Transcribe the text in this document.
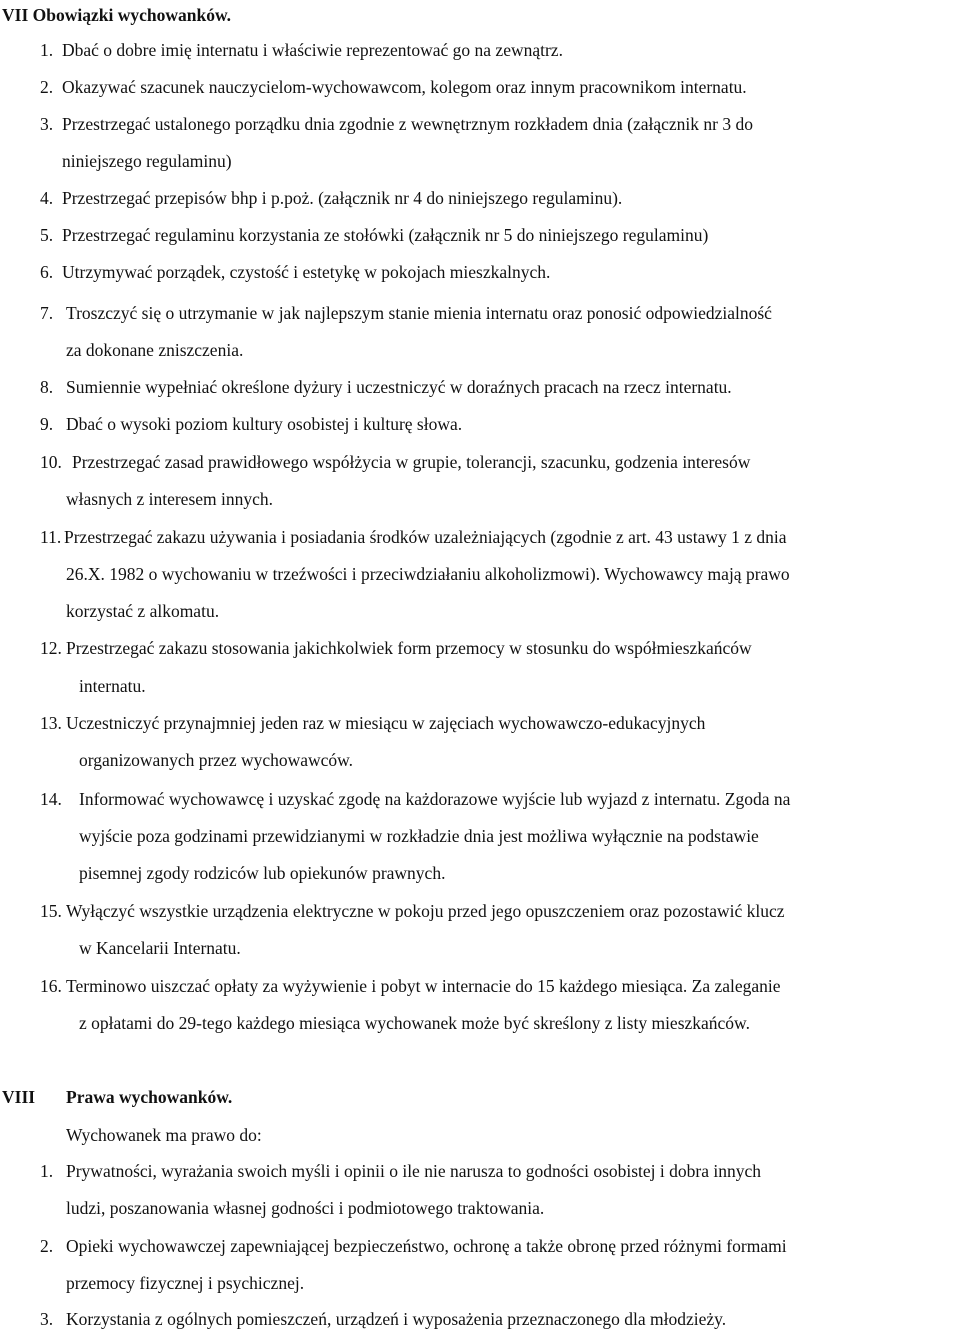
VII Obowiązki wychowanków.
1. Dbać o dobre imię internatu i właściwie reprezentować go na zewnątrz.
2. Okazywać szacunek nauczycielom-wychowawcom, kolegom oraz innym pracownikom internatu.
3. Przestrzegać ustalonego porządku dnia zgodnie z wewnętrznym rozkładem dnia (załącznik nr 3 do
niniejszego regulaminu)
4. Przestrzegać przepisów bhp i p.poż. (załącznik nr 4 do niniejszego regulaminu).
5. Przestrzegać regulaminu korzystania ze stołówki (załącznik nr 5 do niniejszego regulaminu)
6. Utrzymywać porządek, czystość i estetykę w pokojach mieszkalnych.
7. Troszczyć się o utrzymanie w jak najlepszym stanie mienia internatu oraz ponosić odpowiedzialność
za dokonane zniszczenia.
8. Sumiennie wypełniać określone dyżury i uczestniczyć w doraźnych pracach na rzecz internatu.
9. Dbać o wysoki poziom kultury osobistej i kulturę słowa.
10. Przestrzegać zasad prawidłowego współżycia w grupie, tolerancji, szacunku, godzenia interesów
własnych z interesem innych.
11. Przestrzegać zakazu używania i posiadania środków uzależniających (zgodnie z art. 43 ustawy 1 z dnia
26.X. 1982 o wychowaniu w trzeźwości i przeciwdziałaniu alkoholizmowi). Wychowawcy mają prawo
korzystać z alkomatu.
12. Przestrzegać zakazu stosowania jakichkolwiek form przemocy w stosunku do współmieszkańców
internatu.
13. Uczestniczyć przynajmniej jeden raz w miesiącu w zajęciach wychowawczo-edukacyjnych
organizowanych przez wychowawców.
14. Informować wychowawcę i uzyskać zgodę na każdorazowe wyjście lub wyjazd z internatu. Zgoda na
wyjście poza godzinami przewidzianymi w rozkładzie dnia jest możliwa wyłącznie na podstawie
pisemnej zgody rodziców lub opiekunów prawnych.
15. Wyłączyć wszystkie urządzenia elektryczne w pokoju przed jego opuszczeniem oraz pozostawić klucz
w Kancelarii Internatu.
16. Terminowo uiszczać opłaty za wyżywienie i pobyt w internacie do 15 każdego miesiąca. Za zaleganie
z opłatami do 29-tego każdego miesiąca wychowanek może być skreślony z listy mieszkańców.
VIII Prawa wychowanków.
Wychowanek ma prawo do:
1. Prywatności, wyrażania swoich myśli i opinii o ile nie narusza to godności osobistej i dobra innych
ludzi, poszanowania własnej godności i podmiotowego traktowania.
2. Opieki wychowawczej zapewniającej bezpieczeństwo, ochronę a także obronę przed różnymi formami
przemocy fizycznej i psychicznej.
3. Korzystania z ogólnych pomieszczeń, urządzeń i wyposażenia przeznaczonego dla młodzieży.
